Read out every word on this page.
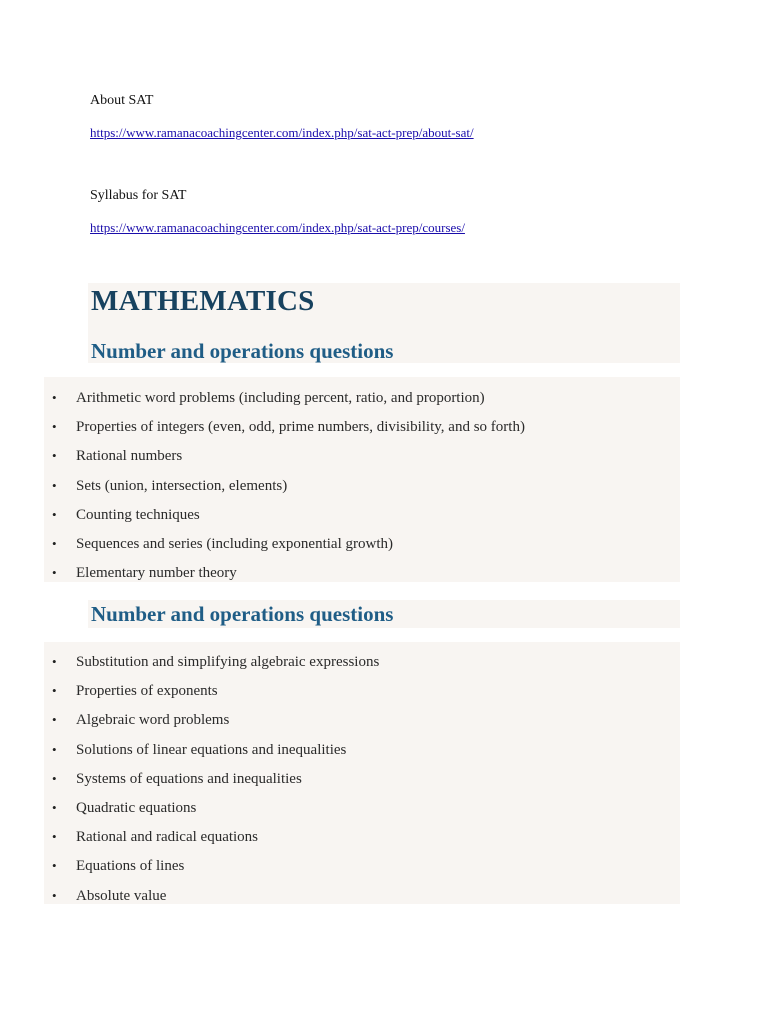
About SAT

https://www.ramanacoachingcenter.com/index.php/sat-act-prep/about-sat/

Syllabus for SAT

https://www.ramanacoachingcenter.com/index.php/sat-act-prep/courses/
MATHEMATICS
Number and operations questions
• Arithmetic word problems (including percent, ratio, and proportion)
• Properties of integers (even, odd, prime numbers, divisibility, and so forth)
• Rational numbers
• Sets (union, intersection, elements)
• Counting techniques
• Sequences and series (including exponential growth)
• Elementary number theory
Number and operations questions
• Substitution and simplifying algebraic expressions
• Properties of exponents
• Algebraic word problems
• Solutions of linear equations and inequalities
• Systems of equations and inequalities
• Quadratic equations
• Rational and radical equations
• Equations of lines
• Absolute value
